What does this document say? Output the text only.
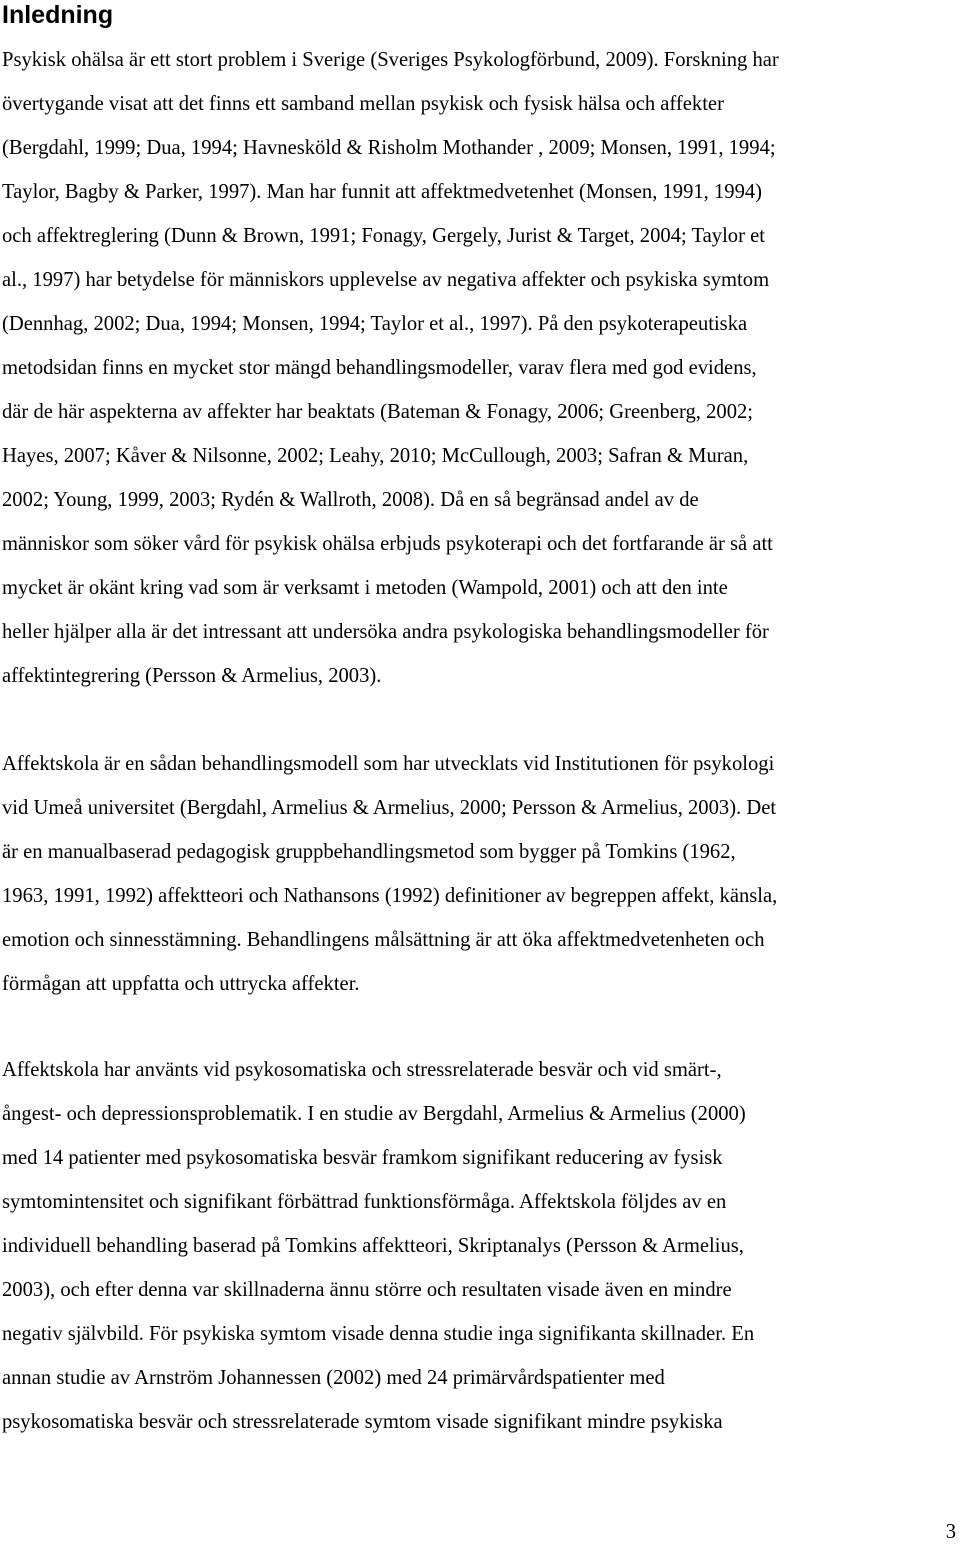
Inledning
Psykisk ohälsa är ett stort problem i Sverige (Sveriges Psykologförbund, 2009). Forskning har
övertygande visat att det finns ett samband mellan psykisk och fysisk hälsa och affekter
(Bergdahl, 1999; Dua, 1994; Havnesköld & Risholm Mothander , 2009; Monsen, 1991, 1994;
Taylor, Bagby & Parker, 1997). Man har funnit att affektmedvetenhet (Monsen, 1991, 1994)
och affektreglering (Dunn & Brown, 1991; Fonagy, Gergely, Jurist & Target, 2004; Taylor et
al., 1997) har betydelse för människors upplevelse av negativa affekter och psykiska symtom
(Dennhag, 2002; Dua, 1994; Monsen, 1994; Taylor et al., 1997). På den psykoterapeutiska
metodsidan finns en mycket stor mängd behandlingsmodeller, varav flera med god evidens,
där de här aspekterna av affekter har beaktats (Bateman & Fonagy, 2006; Greenberg, 2002;
Hayes, 2007; Kåver & Nilsonne, 2002; Leahy, 2010; McCullough, 2003; Safran & Muran,
2002; Young, 1999, 2003; Rydén & Wallroth, 2008). Då en så begränsad andel av de
människor som söker vård för psykisk ohälsa erbjuds psykoterapi och det fortfarande är så att
mycket är okänt kring vad som är verksamt i metoden (Wampold, 2001) och att den inte
heller hjälper alla är det intressant att undersöka andra psykologiska behandlingsmodeller för
affektintegrering (Persson & Armelius, 2003).
Affektskola är en sådan behandlingsmodell som har utvecklats vid Institutionen för psykologi
vid Umeå universitet (Bergdahl, Armelius & Armelius, 2000; Persson & Armelius, 2003). Det
är en manualbaserad pedagogisk gruppbehandlingsmetod som bygger på Tomkins (1962,
1963, 1991, 1992) affektteori och Nathansons (1992) definitioner av begreppen affekt, känsla,
emotion och sinnesstämning. Behandlingens målsättning är att öka affektmedvetenheten och
förmågan att uppfatta och uttrycka affekter.
Affektskola har använts vid psykosomatiska och stressrelaterade besvär och vid smärt-,
ångest- och depressionsproblematik. I en studie av Bergdahl, Armelius & Armelius (2000)
med 14 patienter med psykosomatiska besvär framkom signifikant reducering av fysisk
symtomintensitet och signifikant förbättrad funktionsförmåga. Affektskola följdes av en
individuell behandling baserad på Tomkins affektteori, Skriptanalys (Persson & Armelius,
2003), och efter denna var skillnaderna ännu större och resultaten visade även en mindre
negativ självbild. För psykiska symtom visade denna studie inga signifikanta skillnader. En
annan studie av Arnström Johannessen (2002) med 24 primärvårdspatienter med
psykosomatiska besvär och stressrelaterade symtom visade signifikant mindre psykiska
3
